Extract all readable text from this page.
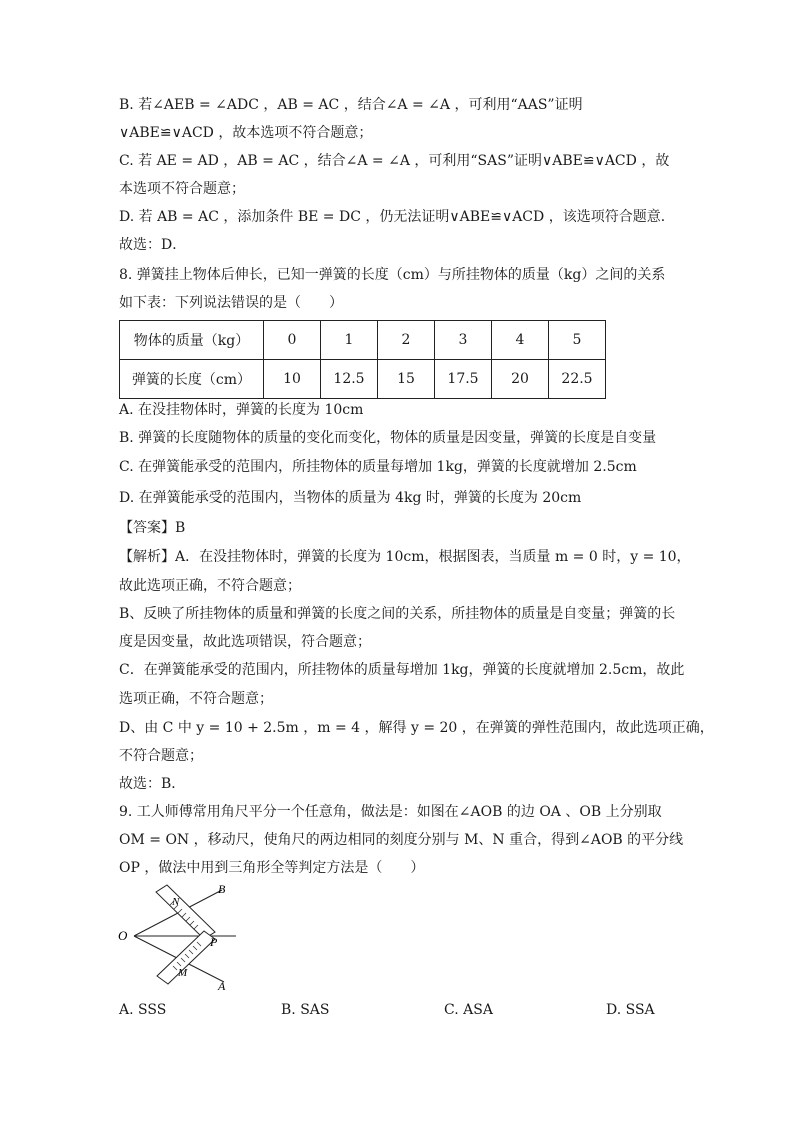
B. 若∠AEB = ∠ADC ，AB = AC ，结合∠A = ∠A ，可利用“AAS”证明
∨ABE≌∨ACD ，故本选项不符合题意；
C. 若 AE = AD ，AB = AC ，结合∠A = ∠A ，可利用“SAS”证明∨ABE≌∨ACD ，故
本选项不符合题意；
D. 若 AB = AC ，添加条件 BE = DC ，仍无法证明∨ABE≌∨ACD ，该选项符合题意．
故选：D．
8. 弹簧挂上物体后伸长，已知一弹簧的长度（cm）与所挂物体的质量（kg）之间的关系
如下表：下列说法错误的是（　　）
物体的质量（kg）	0	1	2	3	4	5
弹簧的长度（cm）	10	12.5	15	17.5	20	22.5
A. 在没挂物体时，弹簧的长度为 10cm
B. 弹簧的长度随物体的质量的变化而变化，物体的质量是因变量，弹簧的长度是自变量
C. 在弹簧能承受的范围内，所挂物体的质量每增加 1kg，弹簧的长度就增加 2.5cm
D. 在弹簧能承受的范围内，当物体的质量为 4kg 时，弹簧的长度为 20cm
【答案】B
【解析】A．在没挂物体时，弹簧的长度为 10cm，根据图表，当质量 m = 0 时，y = 10，
故此选项正确，不符合题意；
B、反映了所挂物体的质量和弹簧的长度之间的关系，所挂物体的质量是自变量；弹簧的长
度是因变量，故此选项错误，符合题意；
C．在弹簧能承受的范围内，所挂物体的质量每增加 1kg，弹簧的长度就增加 2.5cm，故此
选项正确，不符合题意；
D、由 C 中 y = 10 + 2.5m ，m = 4 ，解得 y = 20 ，在弹簧的弹性范围内，故此选项正确，
不符合题意；
故选：B．
9. 工人师傅常用角尺平分一个任意角，做法是：如图在∠AOB 的边 OA 、OB 上分别取
OM = ON ，移动尺，使角尺的两边相同的刻度分别与 M、N 重合，得到∠AOB 的平分线
OP ，做法中用到三角形全等判定方法是（　　）
O
B
N
P
M
A
A. SSS	B. SAS	C. ASA	D. SSA
